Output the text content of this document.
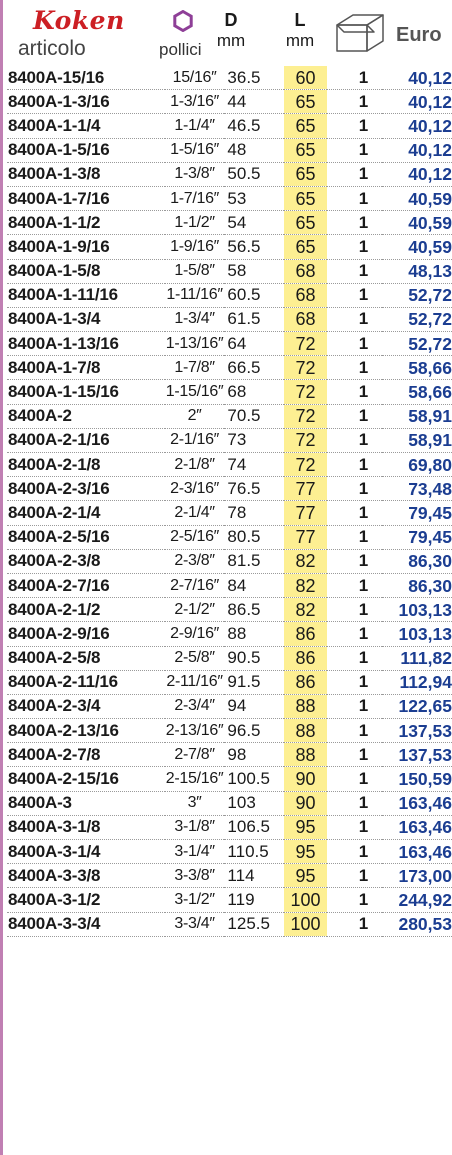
Koken
articolo	pollici
D
mm
L
mm	Euro
8400A-15/16	15/16″	36.5	60	1	40,12
8400A-1-3/16	1-3/16″	44	65	1	40,12
8400A-1-1/4	1-1/4″	46.5	65	1	40,12
8400A-1-5/16	1-5/16″	48	65	1	40,12
8400A-1-3/8	1-3/8″	50.5	65	1	40,12
8400A-1-7/16	1-7/16″	53	65	1	40,59
8400A-1-1/2	1-1/2″	54	65	1	40,59
8400A-1-9/16	1-9/16″	56.5	65	1	40,59
8400A-1-5/8	1-5/8″	58	68	1	48,13
8400A-1-11/16	1-11/16″	60.5	68	1	52,72
8400A-1-3/4	1-3/4″	61.5	68	1	52,72
8400A-1-13/16	1-13/16″	64	72	1	52,72
8400A-1-7/8	1-7/8″	66.5	72	1	58,66
8400A-1-15/16	1-15/16″	68	72	1	58,66
8400A-2	2″	70.5	72	1	58,91
8400A-2-1/16	2-1/16″	73	72	1	58,91
8400A-2-1/8	2-1/8″	74	72	1	69,80
8400A-2-3/16	2-3/16″	76.5	77	1	73,48
8400A-2-1/4	2-1/4″	78	77	1	79,45
8400A-2-5/16	2-5/16″	80.5	77	1	79,45
8400A-2-3/8	2-3/8″	81.5	82	1	86,30
8400A-2-7/16	2-7/16″	84	82	1	86,30
8400A-2-1/2	2-1/2″	86.5	82	1	103,13
8400A-2-9/16	2-9/16″	88	86	1	103,13
8400A-2-5/8	2-5/8″	90.5	86	1	111,82
8400A-2-11/16	2-11/16″	91.5	86	1	112,94
8400A-2-3/4	2-3/4″	94	88	1	122,65
8400A-2-13/16	2-13/16″	96.5	88	1	137,53
8400A-2-7/8	2-7/8″	98	88	1	137,53
8400A-2-15/16	2-15/16″	100.5	90	1	150,59
8400A-3	3″	103	90	1	163,46
8400A-3-1/8	3-1/8″	106.5	95	1	163,46
8400A-3-1/4	3-1/4″	110.5	95	1	163,46
8400A-3-3/8	3-3/8″	114	95	1	173,00
8400A-3-1/2	3-1/2″	119	100	1	244,92
8400A-3-3/4	3-3/4″	125.5	100	1	280,53
